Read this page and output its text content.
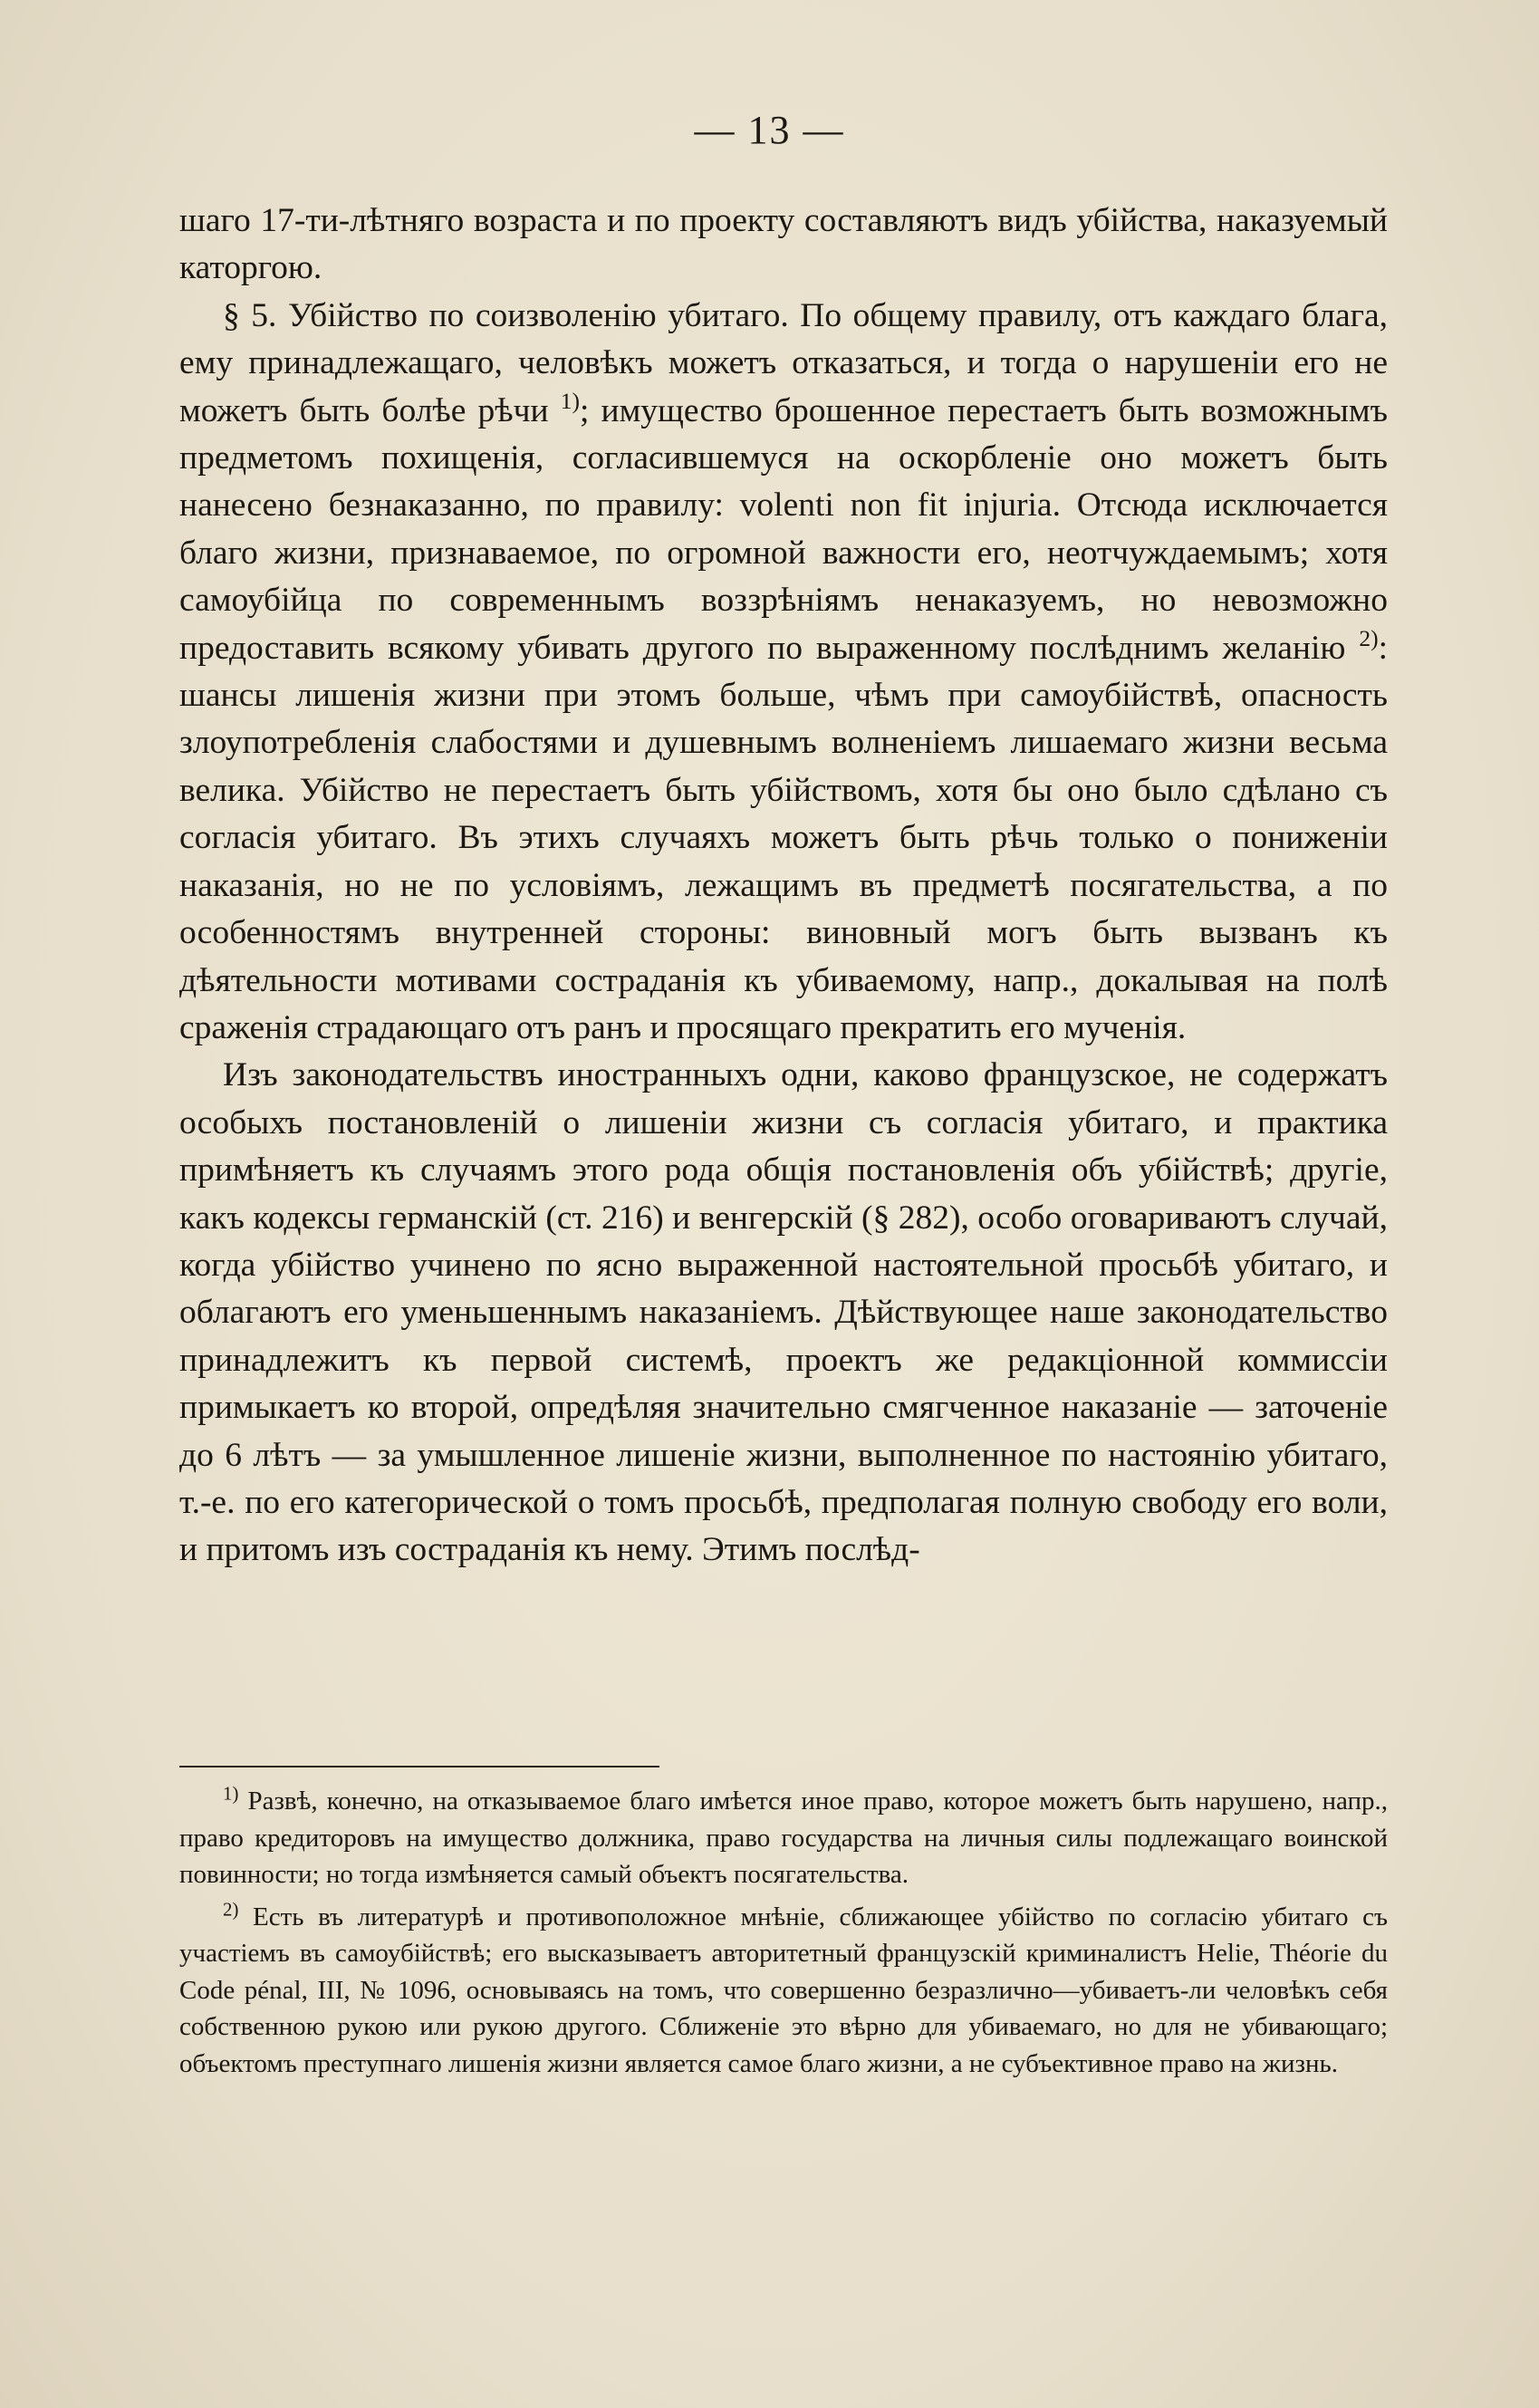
— 13 —

шаго 17-ти-лѣтняго возраста и по проекту составляютъ видъ убійства, наказуемый каторгою.

§ 5. Убійство по соизволенію убитаго. По общему правилу, отъ каждаго блага, ему принадлежащаго, человѣкъ можетъ отказаться, и тогда о нарушеніи его не можетъ быть болѣе рѣчи $^{1)}$; имущество брошенное перестаетъ быть возможнымъ предметомъ похищенія, согласившемуся на оскорбленіе оно можетъ быть нанесено безнаказанно, по правилу: volenti non fit injuria. Отсюда исключается благо жизни, признаваемое, по огромной важности его, неотчуждаемымъ; хотя самоубійца по современнымъ воззрѣніямъ ненаказуемъ, но невозможно предоставить всякому убивать другого по выраженному послѣднимъ желанію $^{2)}$: шансы лишенія жизни при этомъ больше, чѣмъ при самоубійствѣ, опасность злоупотребленія слабостями и душевнымъ волненіемъ лишаемаго жизни весьма велика. Убійство не перестаетъ быть убійствомъ, хотя бы оно было сдѣлано съ согласія убитаго. Въ этихъ случаяхъ можетъ быть рѣчь только о пониженіи наказанія, но не по условіямъ, лежащимъ въ предметѣ посягательства, а по особенностямъ внутренней стороны: виновный могъ быть вызванъ къ дѣятельности мотивами состраданія къ убиваемому, напр., докалывая на полѣ сраженія страдающаго отъ ранъ и просящаго прекратить его мученія.

Изъ законодательствъ иностранныхъ одни, каково французское, не содержатъ особыхъ постановленій о лишеніи жизни съ согласія убитаго, и практика примѣняетъ къ случаямъ этого рода общія постановленія объ убійствѣ; другіе, какъ кодексы германскій (ст. 216) и венгерскій (§ 282), особо оговариваютъ случай, когда убійство учинено по ясно выраженной настоятельной просьбѣ убитаго, и облагаютъ его уменьшеннымъ наказаніемъ. Дѣйствующее наше законодательство принадлежитъ къ первой системѣ, проектъ же редакціонной коммиссіи примыкаетъ ко второй, опредѣляя значительно смягченное наказаніе — заточеніе до 6 лѣтъ — за умышленное лишеніе жизни, выполненное по настоянію убитаго, т.-е. по его категорической о томъ просьбѣ, предполагая полную свободу его воли, и притомъ изъ состраданія къ нему. Этимъ послѣд-

$^{1)}$ Развѣ, конечно, на отказываемое благо имѣется иное право, которое можетъ быть нарушено, напр., право кредиторовъ на имущество должника, право государства на личныя силы подлежащаго воинской повинности; но тогда измѣняется самый объектъ посягательства.

$^{2)}$ Есть въ литературѣ и противоположное мнѣніе, сближающее убійство по согласію убитаго съ участіемъ въ самоубійствѣ; его высказываетъ авторитетный французскій криминалистъ Helie, Théorie du Code pénal, III, № 1096, основываясь на томъ, что совершенно безразлично—убиваетъ-ли человѣкъ себя собственною рукою или рукою другого. Сближеніе это вѣрно для убиваемаго, но для не убивающаго; объектомъ преступнаго лишенія жизни является самое благо жизни, а не субъективное право на жизнь.
